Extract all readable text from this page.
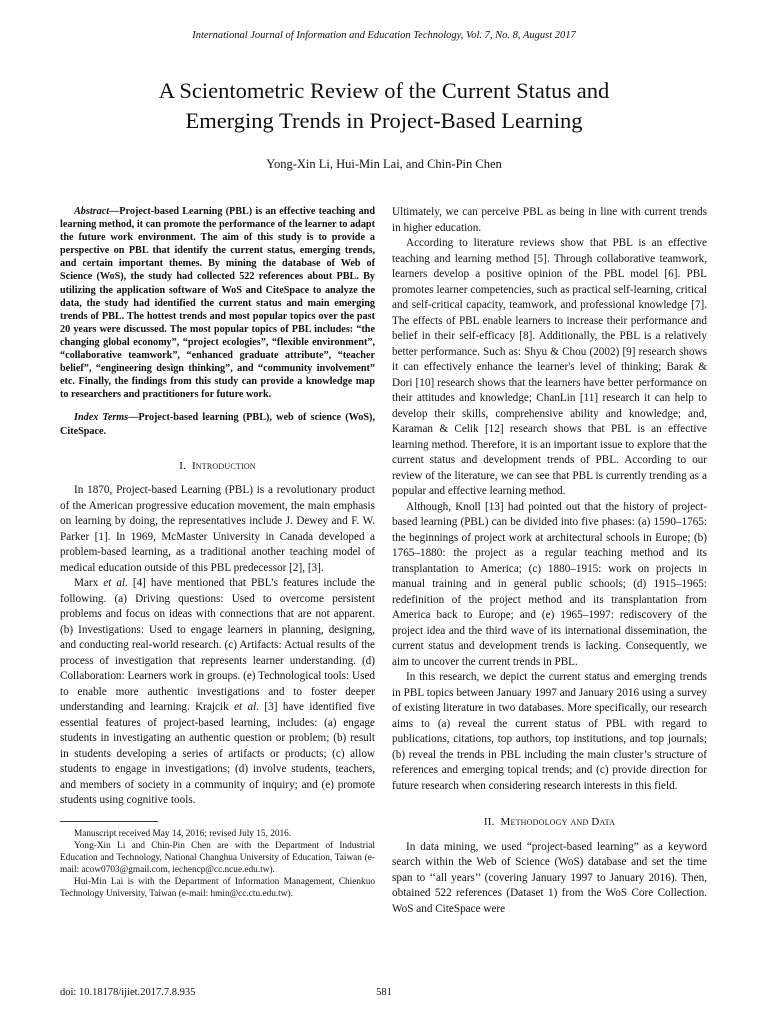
International Journal of Information and Education Technology, Vol. 7, No. 8, August 2017
A Scientometric Review of the Current Status and
Emerging Trends in Project-Based Learning
Yong-Xin Li, Hui-Min Lai, and Chin-Pin Chen

Abstract—Project-based Learning (PBL) is an effective teaching and learning method, it can promote the performance of the learner to adapt the future work environment. The aim of this study is to provide a perspective on PBL that identify the current status, emerging trends, and certain important themes. By mining the database of Web of Science (WoS), the study had collected 522 references about PBL. By utilizing the application software of WoS and CiteSpace to analyze the data, the study had identified the current status and main emerging trends of PBL. The hottest trends and most popular topics over the past 20 years were discussed. The most popular topics of PBL includes: “the changing global economy”, “project ecologies”, “flexible environment”, “collaborative teamwork”, “enhanced graduate attribute”, “teacher belief”, “engineering design thinking”, and “community involvement” etc. Finally, the findings from this study can provide a knowledge map to researchers and practitioners for future work.

Index Terms—Project-based learning (PBL), web of science (WoS), CiteSpace.

I. Introduction

In 1870, Project-based Learning (PBL) is a revolutionary product of the American progressive education movement, the main emphasis on learning by doing, the representatives include J. Dewey and F. W. Parker [1]. In 1969, McMaster University in Canada developed a problem-based learning, as a traditional another teaching model of medical education outside of this PBL predecessor [2], [3].

Marx et al. [4] have mentioned that PBL’s features include the following. (a) Driving questions: Used to overcome persistent problems and focus on ideas with connections that are not apparent. (b) Investigations: Used to engage learners in planning, designing, and conducting real-world research. (c) Artifacts: Actual results of the process of investigation that represents learner understanding. (d) Collaboration: Learners work in groups. (e) Technological tools: Used to enable more authentic investigations and to foster deeper understanding and learning. Krajcik et al. [3] have identified five essential features of project-based learning, includes: (a) engage students in investigating an authentic question or problem; (b) result in students developing a series of artifacts or products; (c) allow students to engage in investigations; (d) involve students, teachers, and members of society in a community of inquiry; and (e) promote students using cognitive tools.

Manuscript received May 14, 2016; revised July 15, 2016.

Yong-Xin Li and Chin-Pin Chen are with the Department of Industrial Education and Technology, National Changhua University of Education, Taiwan (e-mail: acow0703@gmail.com, iechencp@cc.ncue.edu.tw).

Hui-Min Lai is with the Department of Information Management, Chienkuo Technology University, Taiwan (e-mail: hmin@cc.ctu.edu.tw).

Ultimately, we can perceive PBL as being in line with current trends in higher education.

According to literature reviews show that PBL is an effective teaching and learning method [5]. Through collaborative teamwork, learners develop a positive opinion of the PBL model [6]. PBL promotes learner competencies, such as practical self-learning, critical and self-critical capacity, teamwork, and professional knowledge [7]. The effects of PBL enable learners to increase their performance and belief in their self-efficacy [8]. Additionally, the PBL is a relatively better performance. Such as: Shyu & Chou (2002) [9] research shows it can effectively enhance the learner's level of thinking; Barak & Dori [10] research shows that the learners have better performance on their attitudes and knowledge; ChanLin [11] research it can help to develop their skills, comprehensive ability and knowledge; and, Karaman & Celik [12] research shows that PBL is an effective learning method. Therefore, it is an important issue to explore that the current status and development trends of PBL. According to our review of the literature, we can see that PBL is currently trending as a popular and effective learning method.

Although, Knoll [13] had pointed out that the history of project-based learning (PBL) can be divided into five phases: (a) 1590–1765: the beginnings of project work at architectural schools in Europe; (b) 1765–1880: the project as a regular teaching method and its transplantation to America; (c) 1880–1915: work on projects in manual training and in general public schools; (d) 1915–1965: redefinition of the project method and its transplantation from America back to Europe; and (e) 1965–1997: rediscovery of the project idea and the third wave of its international dissemination, the current status and development trends is lacking. Consequently, we aim to uncover the current trends in PBL.

In this research, we depict the current status and emerging trends in PBL topics between January 1997 and January 2016 using a survey of existing literature in two databases. More specifically, our research aims to (a) reveal the current status of PBL with regard to publications, citations, top authors, top institutions, and top journals; (b) reveal the trends in PBL including the main cluster’s structure of references and emerging topical trends; and (c) provide direction for future research when considering research interests in this field.

II. Methodology and Data

In data mining, we used “project-based learning” as a keyword search within the Web of Science (WoS) database and set the time span to ‘‘all years’’ (covering January 1997 to January 2016). Then, obtained 522 references (Dataset 1) from the WoS Core Collection. WoS and CiteSpace were

doi: 10.18178/ijiet.2017.7.8.935	581
